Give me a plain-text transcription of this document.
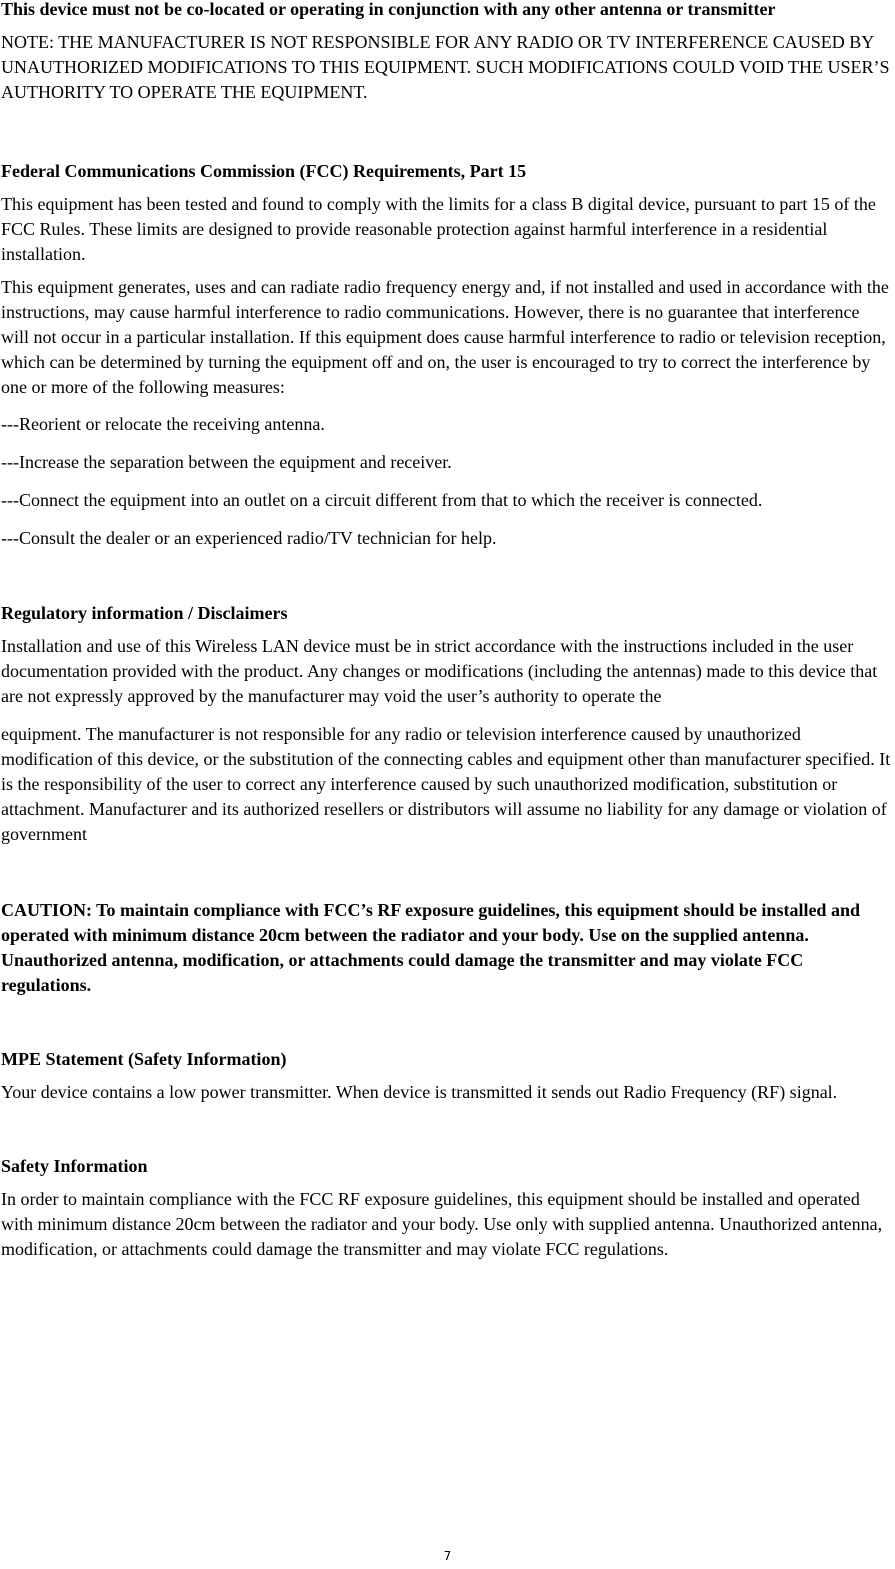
This device must not be co-located or operating in conjunction with any other antenna or transmitter

NOTE: THE MANUFACTURER IS NOT RESPONSIBLE FOR ANY RADIO OR TV INTERFERENCE CAUSED BY UNAUTHORIZED MODIFICATIONS TO THIS EQUIPMENT. SUCH MODIFICATIONS COULD VOID THE USER’S AUTHORITY TO OPERATE THE EQUIPMENT.

Federal Communications Commission (FCC) Requirements, Part 15

This equipment has been tested and found to comply with the limits for a class B digital device, pursuant to part 15 of the FCC Rules. These limits are designed to provide reasonable protection against harmful interference in a residential installation.

This equipment generates, uses and can radiate radio frequency energy and, if not installed and used in accordance with the instructions, may cause harmful interference to radio communications. However, there is no guarantee that interference will not occur in a particular installation. If this equipment does cause harmful interference to radio or television reception, which can be determined by turning the equipment off and on, the user is encouraged to try to correct the interference by one or more of the following measures:

---Reorient or relocate the receiving antenna.

---Increase the separation between the equipment and receiver.

---Connect the equipment into an outlet on a circuit different from that to which the receiver is connected.

---Consult the dealer or an experienced radio/TV technician for help.

Regulatory information / Disclaimers

Installation and use of this Wireless LAN device must be in strict accordance with the instructions included in the user documentation provided with the product. Any changes or modifications (including the antennas) made to this device that are not expressly approved by the manufacturer may void the user’s authority to operate the

equipment. The manufacturer is not responsible for any radio or television interference caused by unauthorized modification of this device, or the substitution of the connecting cables and equipment other than manufacturer specified. It is the responsibility of the user to correct any interference caused by such unauthorized modification, substitution or attachment. Manufacturer and its authorized resellers or distributors will assume no liability for any damage or violation of government

CAUTION: To maintain compliance with FCC’s RF exposure guidelines, this equipment should be installed and operated with minimum distance 20cm between the radiator and your body. Use on the supplied antenna. Unauthorized antenna, modification, or attachments could damage the transmitter and may violate FCC regulations.

MPE Statement (Safety Information)

Your device contains a low power transmitter. When device is transmitted it sends out Radio Frequency (RF) signal.

Safety Information

In order to maintain compliance with the FCC RF exposure guidelines, this equipment should be installed and operated with minimum distance 20cm between the radiator and your body. Use only with supplied antenna. Unauthorized antenna, modification, or attachments could damage the transmitter and may violate FCC regulations.

7
